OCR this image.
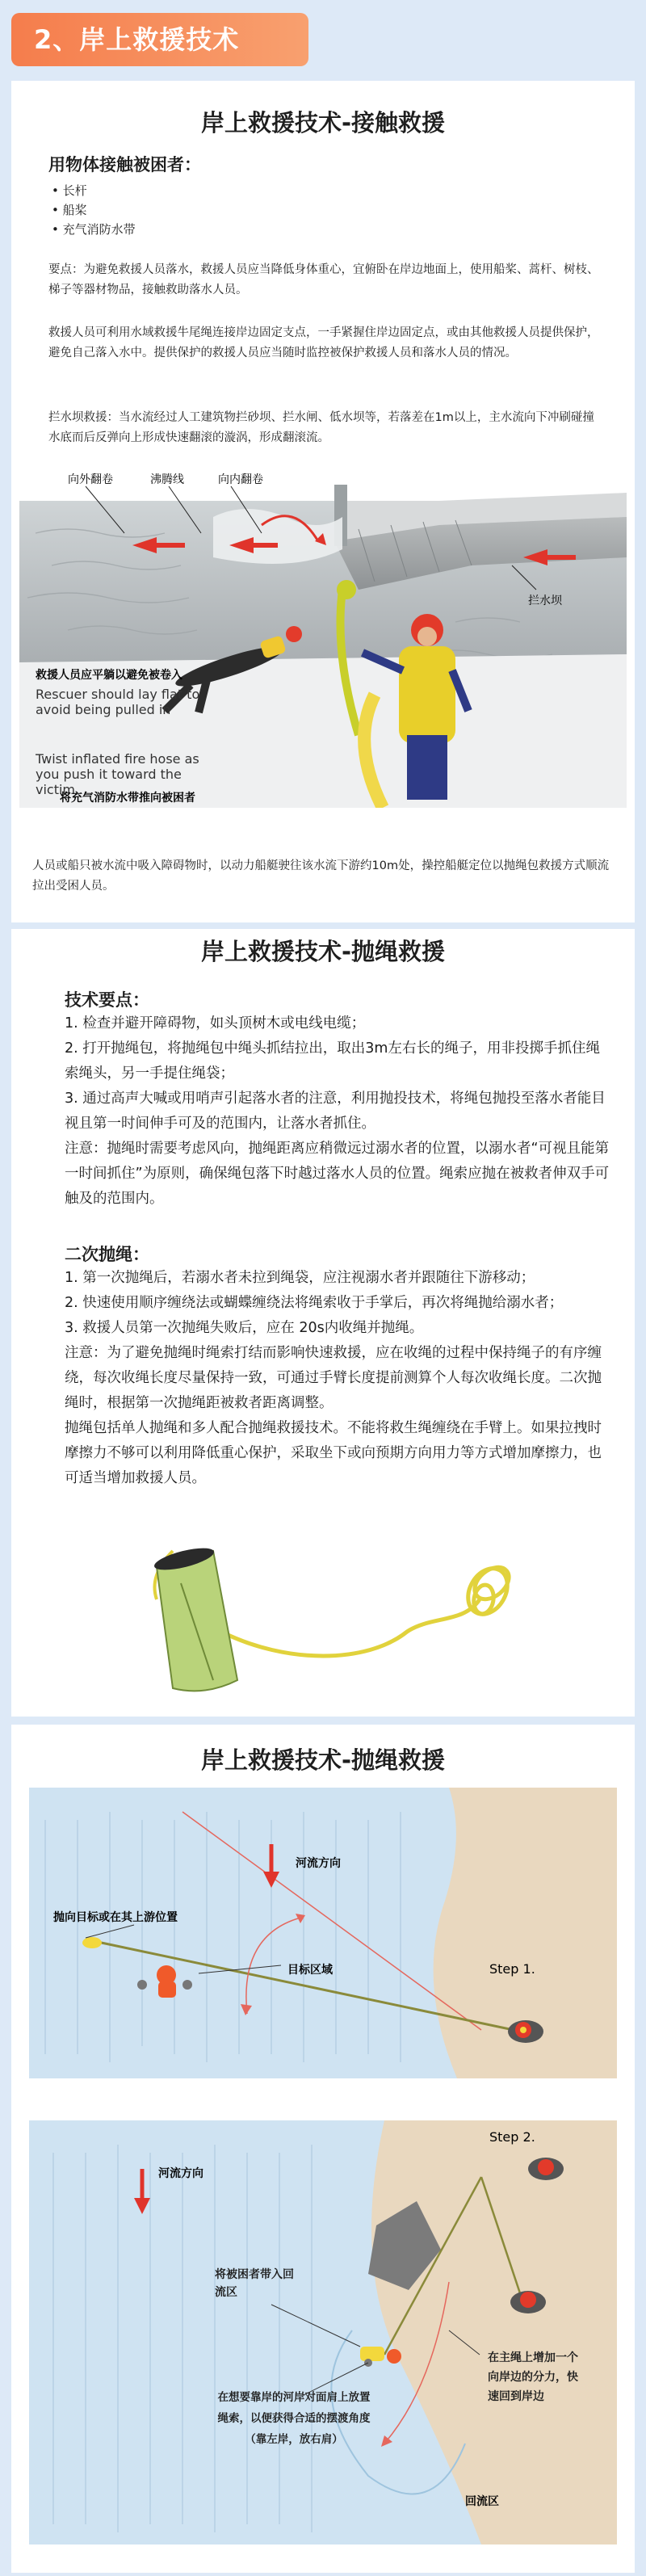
2、岸上救援技术
岸上救援技术-接触救援
用物体接触被困者：
• 长杆
• 船桨
• 充气消防水带
要点：为避免救援人员落水，救援人员应当降低身体重心，宜俯卧在岸边地面上，使用船桨、蒿杆、树枝、梯子等器材物品，接触救助落水人员。
救援人员可利用水域救援牛尾绳连接岸边固定支点，一手紧握住岸边固定点，或由其他救援人员提供保护，避免自己落入水中。提供保护的救援人员应当随时监控被保护救援人员和落水人员的情况。
拦水坝救援：当水流经过人工建筑物拦砂坝、拦水闸、低水坝等，若落差在1m以上，主水流向下冲刷碰撞水底而后反弹向上形成快速翻滚的漩涡，形成翻滚流。
向外翻卷	沸腾线	向内翻卷
拦水坝
救援人员应平躺以避免被卷入
Rescuer should lay flat to avoid being pulled in
Twist inflated fire hose as you push it toward the victim
将充气消防水带推向被困者
人员或船只被水流中吸入障碍物时，以动力船艇驶往该水流下游约10m处，操控船艇定位以抛绳包救援方式顺流拉出受困人员。
岸上救援技术-抛绳救援
技术要点：

1. 检查并避开障碍物，如头顶树木或电线电缆；

2. 打开抛绳包，将抛绳包中绳头抓结拉出，取出3m左右长的绳子，用非投掷手抓住绳索绳头，另一手提住绳袋；

3. 通过高声大喊或用哨声引起落水者的注意，利用抛投技术，将绳包抛投至落水者能目视且第一时间伸手可及的范围内，让落水者抓住。

注意：抛绳时需要考虑风向，抛绳距离应稍微远过溺水者的位置，以溺水者“可视且能第一时间抓住”为原则，确保绳包落下时越过落水人员的位置。绳索应抛在被救者伸双手可触及的范围内。

二次抛绳：

1. 第一次抛绳后，若溺水者未拉到绳袋，应注视溺水者并跟随往下游移动；

2. 快速使用顺序缠绕法或蝴蝶缠绕法将绳索收于手掌后，再次将绳抛给溺水者；

3. 救援人员第一次抛绳失败后，应在 20s内收绳并抛绳。

注意：为了避免抛绳时绳索打结而影响快速救援，应在收绳的过程中保持绳子的有序缠绕，每次收绳长度尽量保持一致，可通过手臂长度提前测算个人每次收绳长度。二次抛绳时，根据第一次抛绳距被救者距离调整。

抛绳包括单人抛绳和多人配合抛绳救援技术。不能将救生绳缠绕在手臂上。如果拉拽时摩擦力不够可以利用降低重心保护，采取坐下或向预期方向用力等方式增加摩擦力，也可适当增加救援人员。

岸上救援技术-抛绳救援
河流方向
抛向目标或在其上游位置
目标区域	Step 1.
Step 2.
河流方向
将被困者带入回流区
在想要靠岸的河岸对面肩上放置绳索，以便获得合适的摆渡角度（靠左岸，放右肩）
在主绳上增加一个向岸边的分力，快速回到岸边
回流区
